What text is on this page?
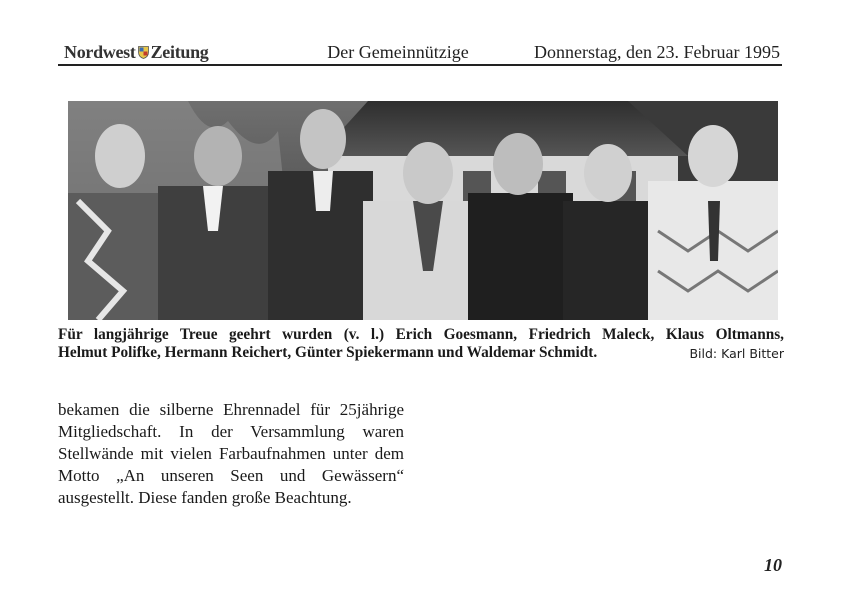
Nordwest Zeitung	Der Gemeinnützige	Donnerstag, den 23. Februar 1995
Für langjährige Treue geehrt wurden (v. l.) Erich Goesmann, Friedrich Maleck, Klaus Oltmanns,
Helmut Polifke, Hermann Reichert, Günter Spiekermann und Waldemar Schmidt.	Bild: Karl Bitter
bekamen die silberne Ehrennadel für 25jährige Mitgliedschaft. In der Versammlung waren Stellwände mit vielen Farbaufnahmen unter dem Motto „An unseren Seen und Gewässern“ ausgestellt. Diese fanden große Beachtung.
10
